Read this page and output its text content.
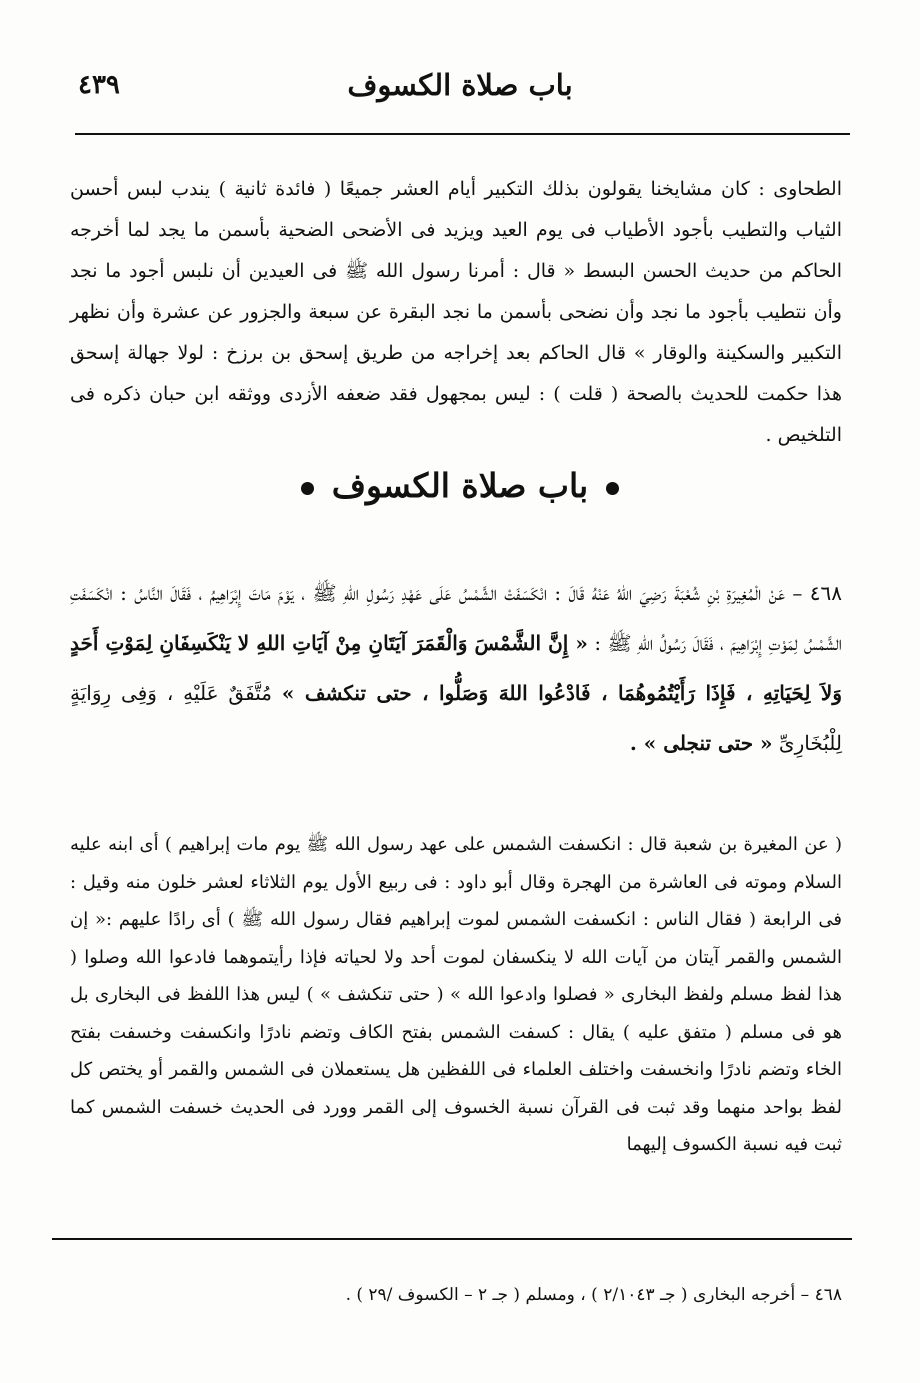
باب صلاة الكسوف
٤٣٩

الطحاوى : كان مشايخنا يقولون بذلك التكبير أيام العشر جميعًا ( فائدة ثانية ) يندب لبس أحسن الثياب والتطيب بأجود الأطياب فى يوم العيد ويزيد فى الأضحى الضحية بأسمن ما يجد لما أخرجه الحاكم من حديث الحسن البسط « قال : أمرنا رسول الله ﷺ فى العيدين أن نلبس أجود ما نجد وأن نتطيب بأجود ما نجد وأن نضحى بأسمن ما نجد البقرة عن سبعة والجزور عن عشرة وأن نظهر التكبير والسكينة والوقار » قال الحاكم بعد إخراجه من طريق إسحق بن برزخ : لولا جهالة إسحق هذا حكمت للحديث بالصحة ( قلت ) : ليس بمجهول فقد ضعفه الأزدى ووثقه ابن حبان ذكره فى التلخيص .

باب صلاة الكسوف

٤٦٨ – عَنْ الْمُغِيرَةِ بْنِ شُعْبَةَ رَضِيَ اللهُ عَنْهُ قَالَ : انْكَسَفَتْ الشَّمْسُ عَلَى عَهْدِ رَسُولِ اللهِ ﷺ ، يَوْمَ مَاتَ إِبْرَاهِيمُ ، فَقَالَ النَّاسُ : انْكَسَفَتِ الشَّمْسُ لِمَوْتِ إِبْرَاهِيمَ ، فَقَالَ رَسُولُ اللهِ ﷺ : « إِنَّ الشَّمْسَ وَالْقَمَرَ آيَتَانِ مِنْ آيَاتِ اللهِ لا يَنْكَسِفَانِ لِمَوْتِ أَحَدٍ وَلاَ لِحَيَاتِهِ ، فَإِذَا رَأَيْتُمُوهُمَا ، فَادْعُوا اللهَ وَصَلُّوا ، حتى تنكشف » مُتَّفَقٌ عَلَيْهِ ، وَفِى رِوَايَةٍ لِلْبُخَارِىِّ « حتى تنجلى » .

( عن المغيرة بن شعبة قال : انكسفت الشمس على عهد رسول الله ﷺ يوم مات إبراهيم ) أى ابنه عليه السلام وموته فى العاشرة من الهجرة وقال أبو داود : فى ربيع الأول يوم الثلاثاء لعشر خلون منه وقيل : فى الرابعة ( فقال الناس : انكسفت الشمس لموت إبراهيم فقال رسول الله ﷺ ) أى رادًا عليهم :« إن الشمس والقمر آيتان من آيات الله لا ينكسفان لموت أحد ولا لحياته فإذا رأيتموهما فادعوا الله وصلوا ( هذا لفظ مسلم ولفظ البخارى « فصلوا وادعوا الله » ( حتى تنكشف » ) ليس هذا اللفظ فى البخارى بل هو فى مسلم ( متفق عليه ) يقال : كسفت الشمس بفتح الكاف وتضم نادرًا وانكسفت وخسفت بفتح الخاء وتضم نادرًا وانخسفت واختلف العلماء فى اللفظين هل يستعملان فى الشمس والقمر أو يختص كل لفظ بواحد منهما وقد ثبت فى القرآن نسبة الخسوف إلى القمر وورد فى الحديث خسفت الشمس كما ثبت فيه نسبة الكسوف إليهما

٤٦٨ – أخرجه البخارى ( جـ ٢/١٠٤٣ ) ، ومسلم ( جـ ٢ – الكسوف /٢٩ ) .
